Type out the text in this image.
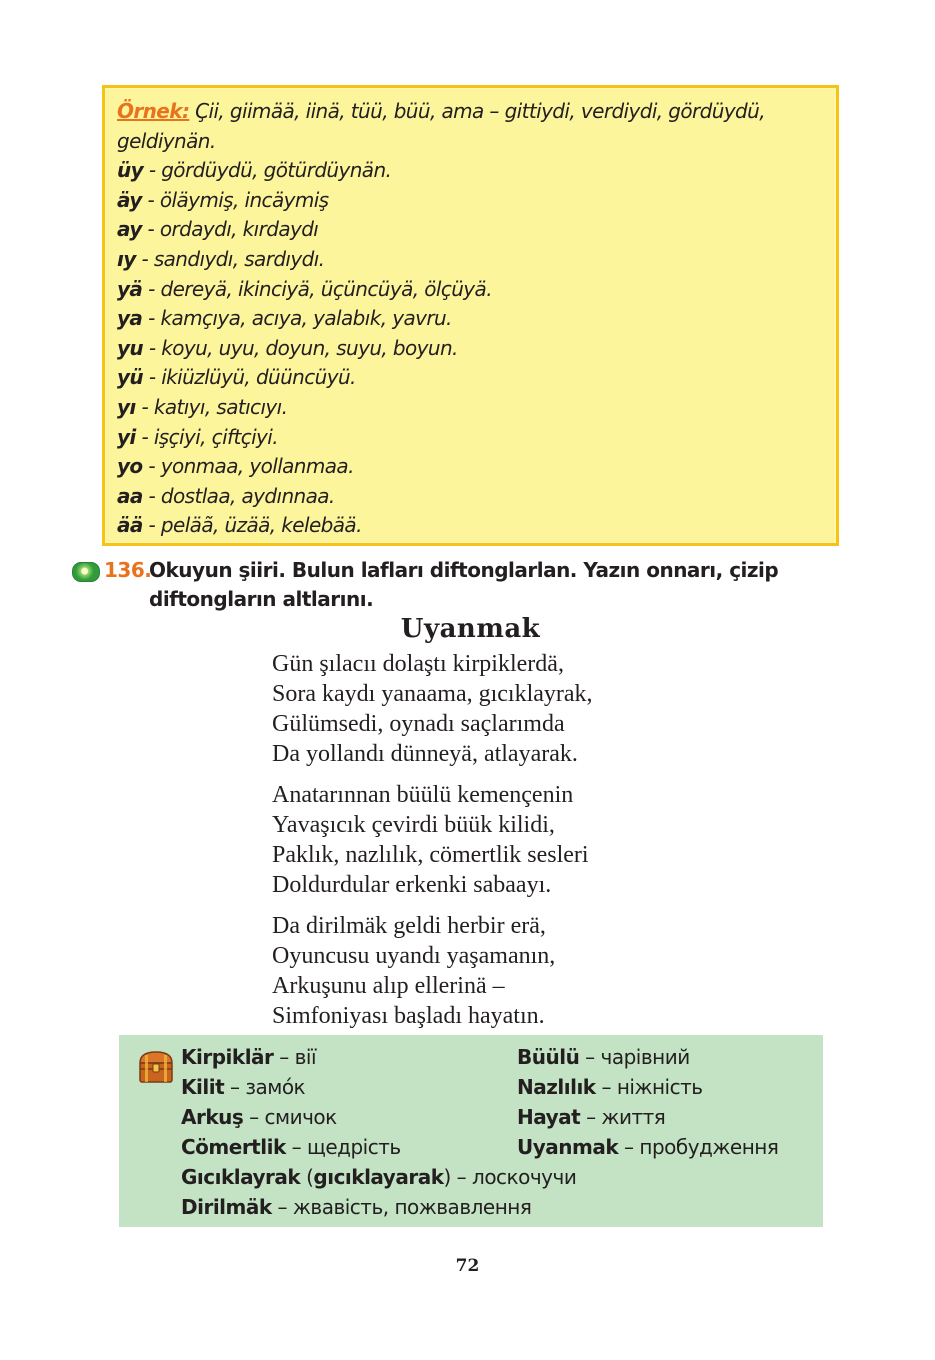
Örnek: Çii, giimää, iinä, tüü, büü, ama – gittiydi, verdiydi, gördüydü, geldiynän.
üy - gördüydü, götürdüynän.
äy - öläymiş, incäymiş
ay - ordaydı, kırdaydı
ıy - sandıydı, sardıydı.
yä - dereyä, ikinciyä, üçüncüyä, ölçüyä.
ya - kamçıya, acıya, yalabık, yavru.
yu - koyu, uyu, doyun, suyu, boyun.
yü - ikiüzlüyü, düüncüyü.
yı - katıyı, satıcıyı.
yi - işçiyi, çiftçiyi.
yo - yonmaa, yollanmaa.
aa - dostlaa, aydınnaa.
ää - peläã, üzää, kelebää.
136.
Okuyun şiiri. Bulun lafları diftonglarlan. Yazın onnarı, çizip diftongların altlarını.
Uyanmak
Gün şılacıı dolaştı kirpiklerdä,
Sora kaydı yanaama, gıcıklayrak,
Gülümsedi, oynadı saçlarımda
Da yollandı dünneyä, atlayarak.
Anatarınnan büülü kemençenin
Yavaşıcık çevirdi büük kilidi,
Paklık, nazlılık, cömertlik sesleri
Doldurdular erkenki sabaayı.
Da dirilmäk geldi herbir erä,
Oyuncusu uyandı yaşamanın,
Arkuşunu alıp ellerinä –
Simfoniyası başladı hayatın.
Kirpiklär – вії
Kilit – замóк
Arkuş – смичок
Cömertlik – щедрість
Büülü – чарівний
Nazlılık – ніжність
Hayat – життя
Uyanmak – пробудження
Gıcıklayrak (gıcıklayarak) – лоскочучи
Dirilmäk – жвавість, пожвавлення
72
